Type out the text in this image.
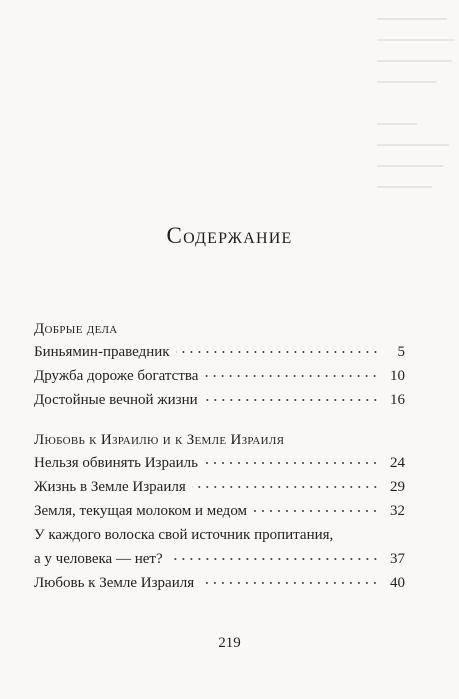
Содержание
Добрые дела
Биньямин-праведник	5
Дружба дороже богатства	10
Достойные вечной жизни	16
Любовь к Израилю и к Земле Израиля
Нельзя обвинять Израиль	24
Жизнь в Земле Израиля	29
Земля, текущая молоком и медом	32
У каждого волоска свой источник пропитания,
а у человека — нет?	37
Любовь к Земле Израиля	40
219
